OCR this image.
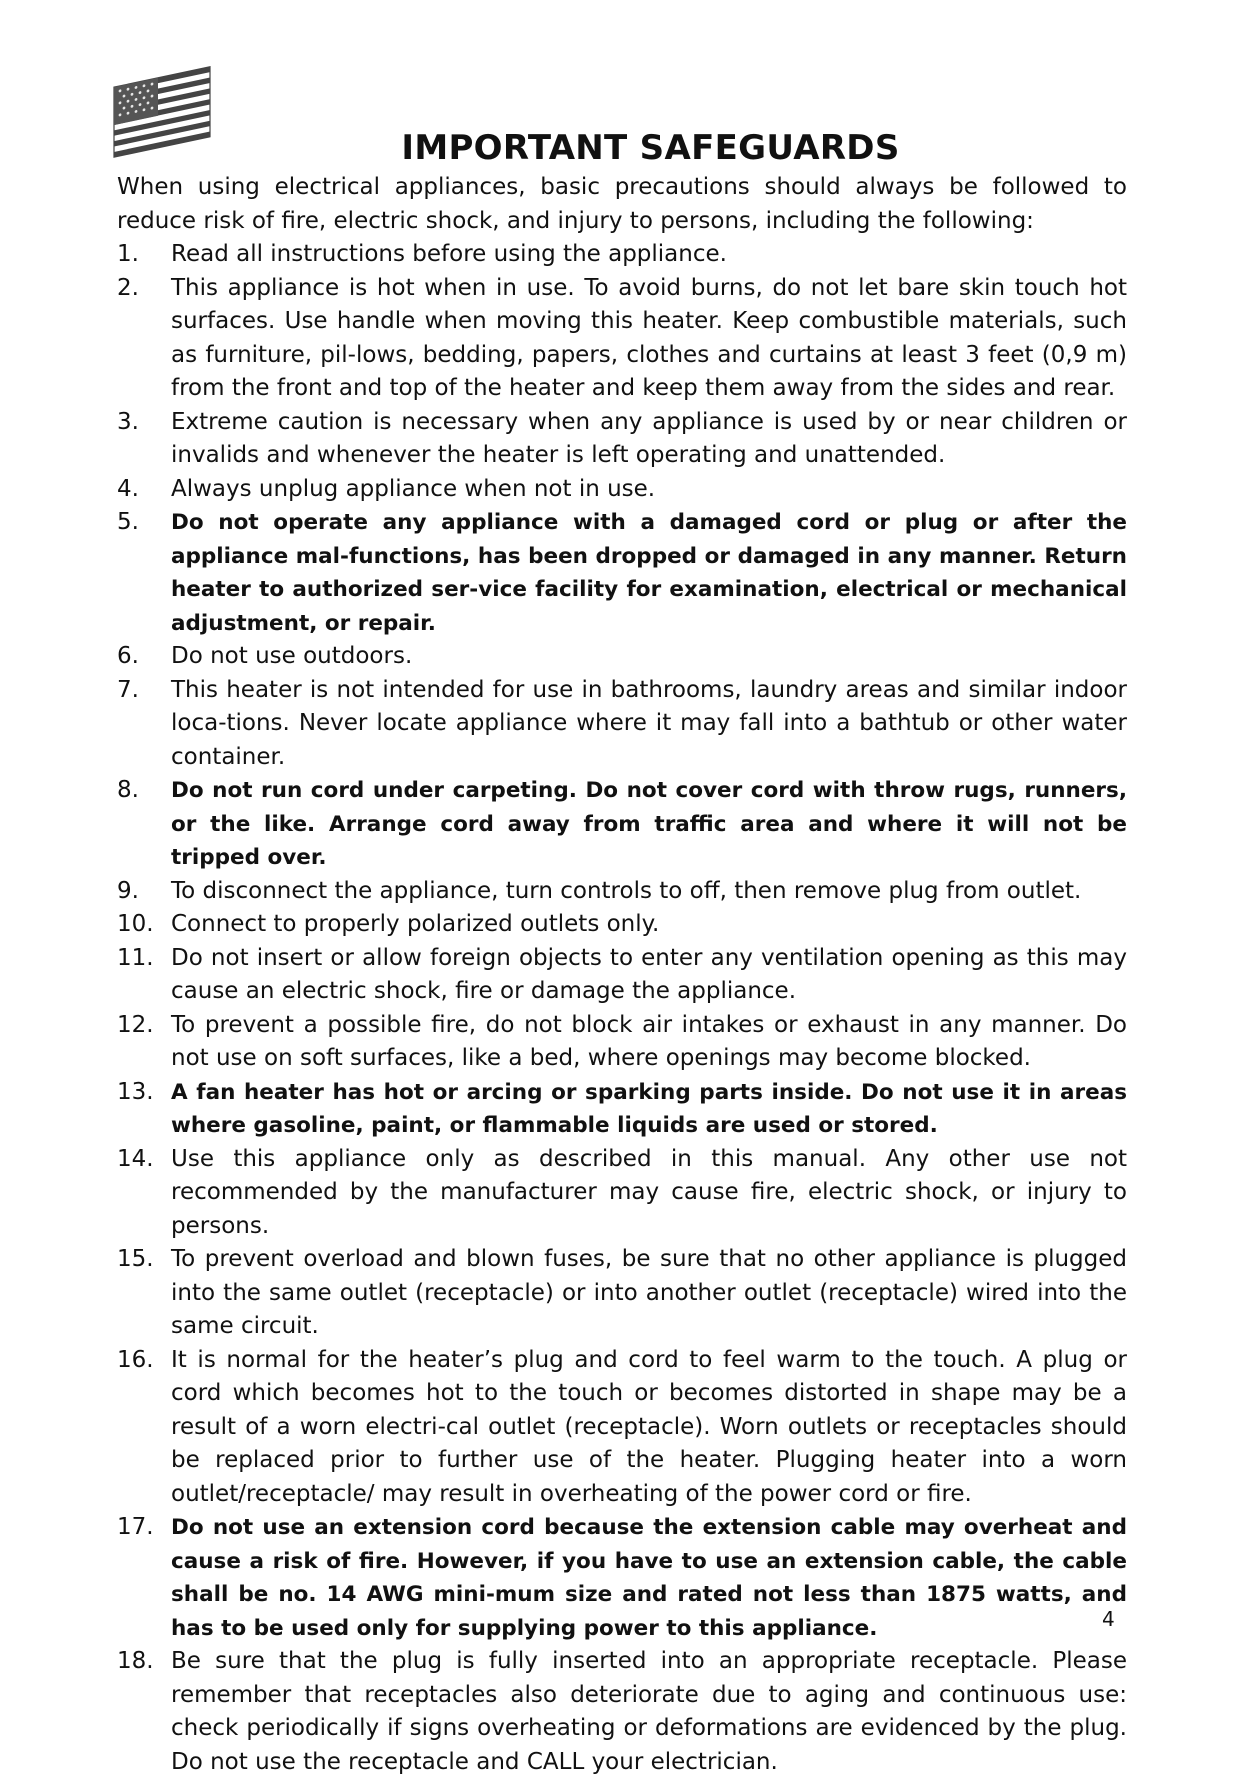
IMPORTANT SAFEGUARDS

When using electrical appliances, basic precautions should always be followed to reduce risk of fire, electric shock, and injury to persons, including the following:

1.	Read all instructions before using the appliance.
2.	This appliance is hot when in use. To avoid burns, do not let bare skin touch hot surfaces. Use handle when moving this heater. Keep combustible materials, such as furniture, pil-lows, bedding, papers, clothes and curtains at least 3 feet (0,9 m) from the front and top of the heater and keep them away from the sides and rear.
3.	Extreme caution is necessary when any appliance is used by or near children or invalids and whenever the heater is left operating and unattended.
4.	Always unplug appliance when not in use.
5.	Do not operate any appliance with a damaged cord or plug or after the appliance mal-functions, has been dropped or damaged in any manner. Return heater to authorized ser-vice facility for examination, electrical or mechanical adjustment, or repair.
6.	Do not use outdoors.
7.	This heater is not intended for use in bathrooms, laundry areas and similar indoor loca-tions. Never locate appliance where it may fall into a bathtub or other water container.
8.	Do not run cord under carpeting. Do not cover cord with throw rugs, runners, or the like. Arrange cord away from traffic area and where it will not be tripped over.
9.	To disconnect the appliance, turn controls to off, then remove plug from outlet.
10. Connect to properly polarized outlets only.
11. Do not insert or allow foreign objects to enter any ventilation opening as this may cause an electric shock, fire or damage the appliance.
12. To prevent a possible fire, do not block air intakes or exhaust in any manner. Do not use on soft surfaces, like a bed, where openings may become blocked.
13. A fan heater has hot or arcing or sparking parts inside. Do not use it in areas where gasoline, paint, or flammable liquids are used or stored.
14. Use this appliance only as described in this manual. Any other use not recommended by the manufacturer may cause fire, electric shock, or injury to persons.
15. To prevent overload and blown fuses, be sure that no other appliance is plugged into the same outlet (receptacle) or into another outlet (receptacle) wired into the same circuit.
16. It is normal for the heater’s plug and cord to feel warm to the touch. A plug or cord which becomes hot to the touch or becomes distorted in shape may be a result of a worn electri-cal outlet (receptacle). Worn outlets or receptacles should be replaced prior to further use of the heater. Plugging heater into a worn outlet/receptacle/ may result in overheating of the power cord or fire.
17. Do not use an extension cord because the extension cable may overheat and cause a risk of fire. However, if you have to use an extension cable, the cable shall be no. 14 AWG mini-mum size and rated not less than 1875 watts, and has to be used only for supplying power to this appliance.
18. Be sure that the plug is fully inserted into an appropriate receptacle. Please remember that receptacles also deteriorate due to aging and continuous use: check periodically if signs overheating or deformations are evidenced by the plug. Do not use the receptacle and CALL your electrician.
4
